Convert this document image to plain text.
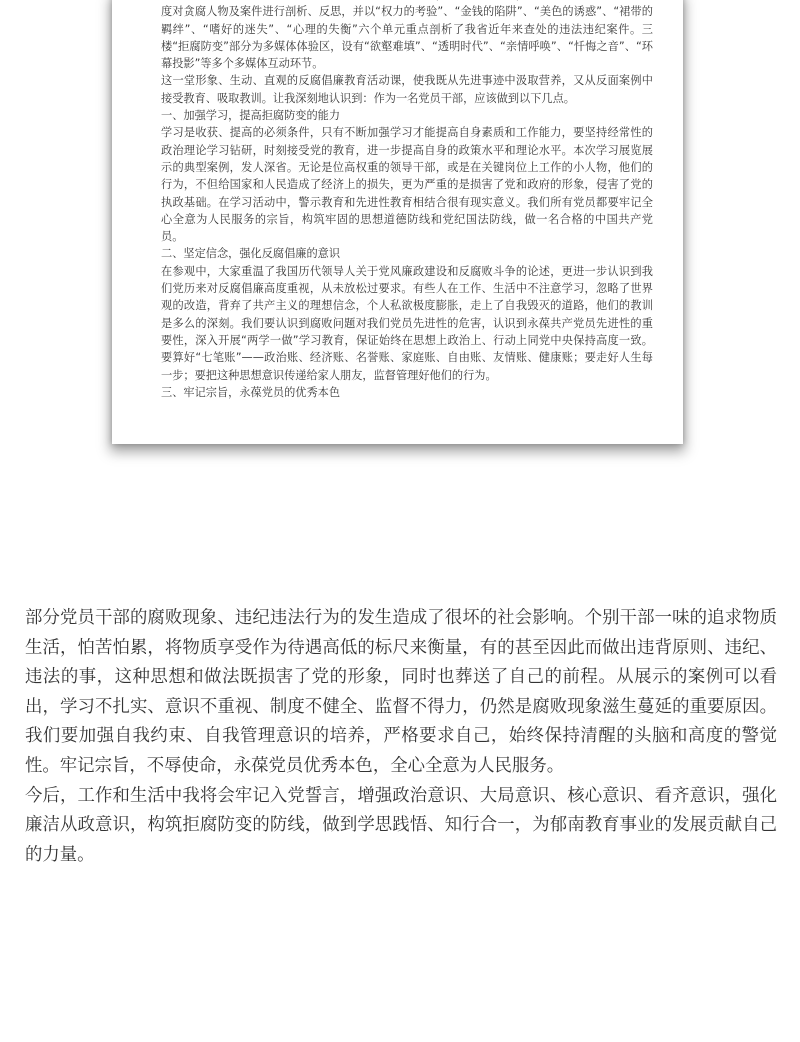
度对贪腐人物及案件进行剖析、反思，并以“权力的考验”、“金钱的陷阱”、“美色的诱惑”、“裙带的羁绊”、“嗜好的迷失”、“心理的失衡”六个单元重点剖析了我省近年来查处的违法违纪案件。三楼“拒腐防变”部分为多媒体体验区，设有“欲壑难填”、“透明时代”、“亲情呼唤”、“忏悔之音”、“环幕投影”等多个多媒体互动环节。

这一堂形象、生动、直观的反腐倡廉教育活动课，使我既从先进事迹中汲取营养，又从反面案例中接受教育、吸取教训。让我深刻地认识到：作为一名党员干部，应该做到以下几点。

一、加强学习，提高拒腐防变的能力

学习是收获、提高的必须条件，只有不断加强学习才能提高自身素质和工作能力，要坚持经常性的政治理论学习钻研，时刻接受党的教育，进一步提高自身的政策水平和理论水平。本次学习展览展示的典型案例，发人深省。无论是位高权重的领导干部，或是在关键岗位上工作的小人物，他们的行为，不但给国家和人民造成了经济上的损失，更为严重的是损害了党和政府的形象，侵害了党的执政基础。在学习活动中，警示教育和先进性教育相结合很有现实意义。我们所有党员都要牢记全心全意为人民服务的宗旨，构筑牢固的思想道德防线和党纪国法防线，做一名合格的中国共产党员。

二、坚定信念，强化反腐倡廉的意识

在参观中，大家重温了我国历代领导人关于党风廉政建设和反腐败斗争的论述，更进一步认识到我们党历来对反腐倡廉高度重视，从未放松过要求。有些人在工作、生活中不注意学习，忽略了世界观的改造，背弃了共产主义的理想信念，个人私欲极度膨胀，走上了自我毁灭的道路，他们的教训是多么的深刻。我们要认识到腐败问题对我们党员先进性的危害，认识到永葆共产党员先进性的重要性，深入开展“两学一做”学习教育，保证始终在思想上政治上、行动上同党中央保持高度一致。要算好“七笔账”——政治账、经济账、名誉账、家庭账、自由账、友情账、健康账；要走好人生每一步；要把这种思想意识传递给家人朋友，监督管理好他们的行为。

三、牢记宗旨，永葆党员的优秀本色

部分党员干部的腐败现象、违纪违法行为的发生造成了很坏的社会影响。个别干部一味的追求物质生活，怕苦怕累，将物质享受作为待遇高低的标尺来衡量，有的甚至因此而做出违背原则、违纪、违法的事，这种思想和做法既损害了党的形象，同时也葬送了自己的前程。从展示的案例可以看出，学习不扎实、意识不重视、制度不健全、监督不得力，仍然是腐败现象滋生蔓延的重要原因。我们要加强自我约束、自我管理意识的培养，严格要求自己，始终保持清醒的头脑和高度的警觉性。牢记宗旨，不辱使命，永葆党员优秀本色，全心全意为人民服务。

今后，工作和生活中我将会牢记入党誓言，增强政治意识、大局意识、核心意识、看齐意识，强化廉洁从政意识，构筑拒腐防变的防线，做到学思践悟、知行合一，为郁南教育事业的发展贡献自己的力量。
